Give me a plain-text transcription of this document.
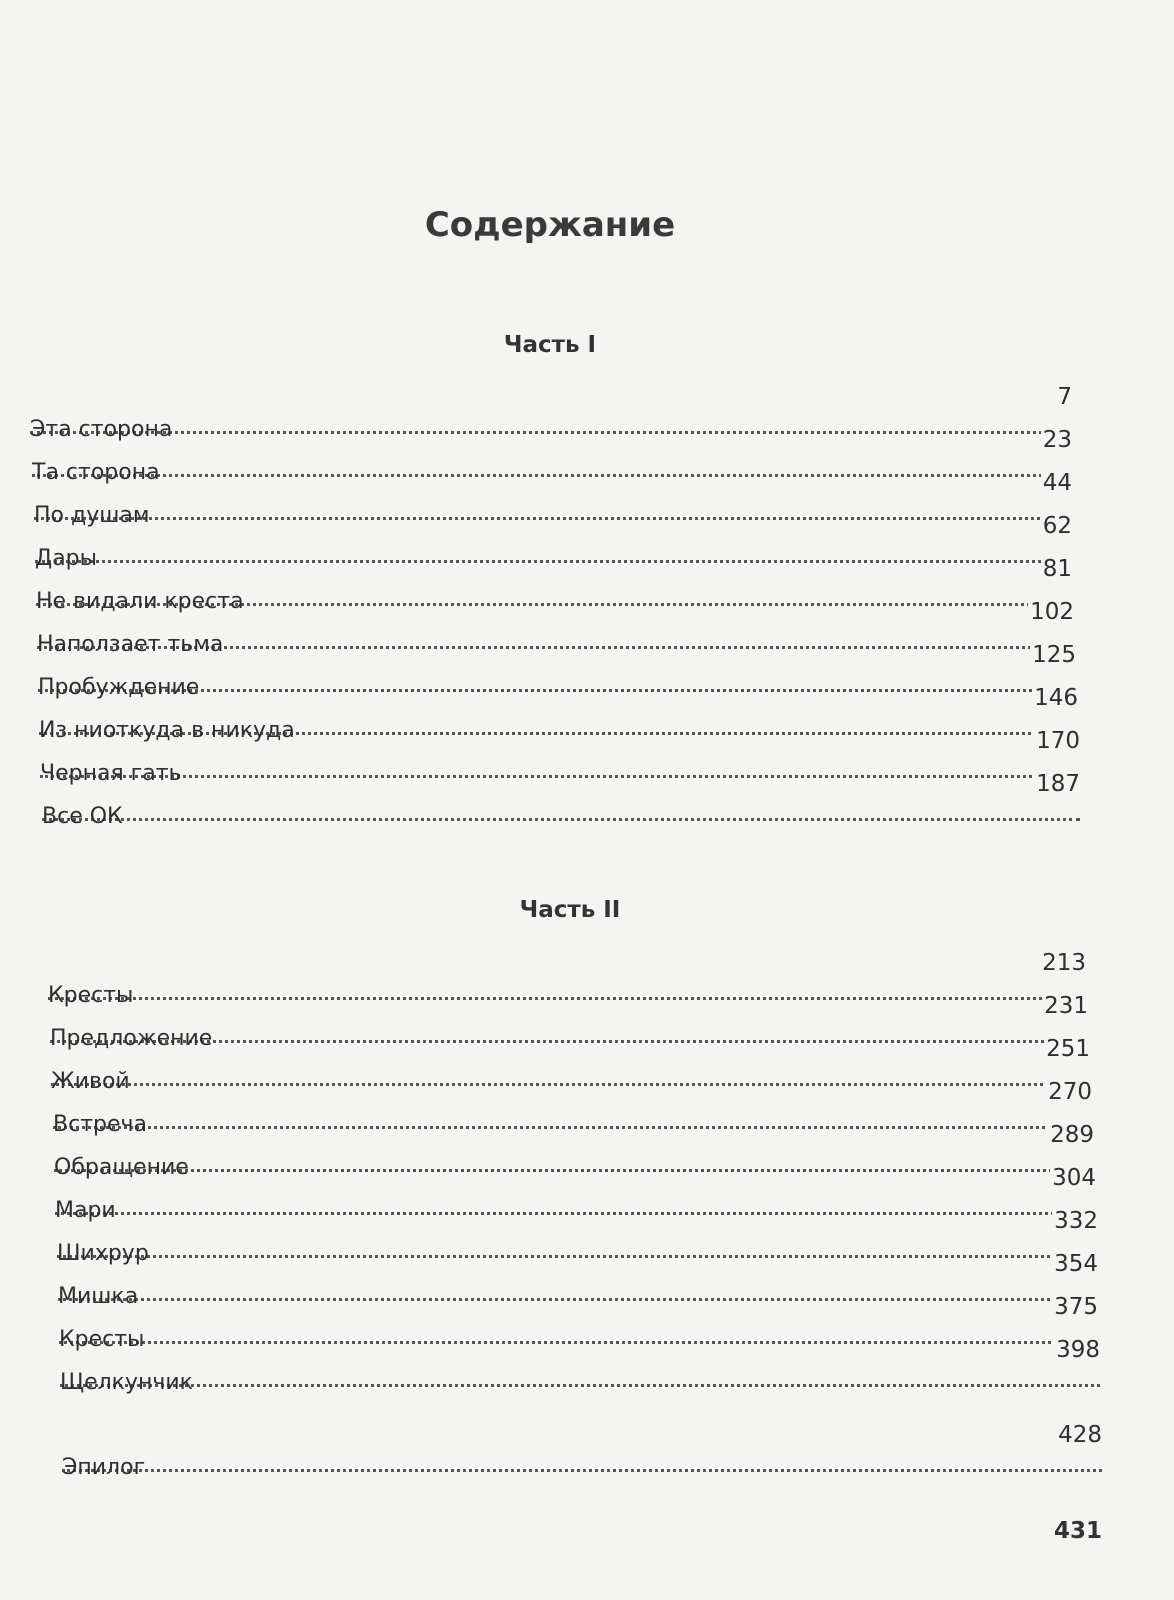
Содержание
Часть I
Эта сторона
7
Та сторона
23
По душам
44
Дары
62
Не видали креста
81
Наползает тьма
102
Пробуждение
125
Из ниоткуда в никуда
146
Черная гать
170
Все ОК
187
Часть II
Кресты
213
Предложение
231
Живой
251
Встреча
270
Обращение
289
Мари
304
Шихрур
332
Мишка
354
Кресты
375
Щелкунчик
398
Эпилог
428
431
